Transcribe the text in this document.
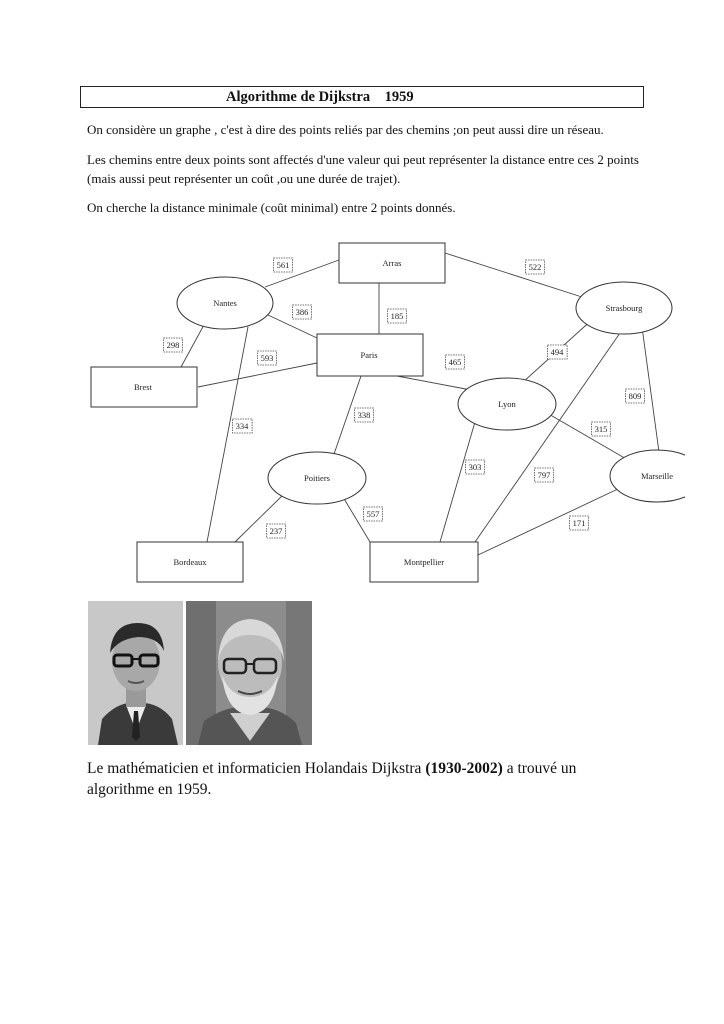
Algorithme de Dijkstra 1959

On considère un graphe , c'est à dire des points reliés par des chemins ;on peut aussi dire un réseau.

Les chemins entre deux points sont affectés d'une valeur qui peut représenter la distance entre ces 2 points (mais aussi peut représenter un coût ,ou une durée de trajet).

On cherche la distance minimale (coût minimal) entre 2 points donnés.

Arras
Nantes	Strasbourg
Paris
Brest
Lyon
Marseille
Poitiers
Bordeaux	Montpellier
561	522
386	185
298
593	465
494
809
338
334	315
303
797
557
237
171

Le mathématicien et informaticien Holandais Dijkstra (1930-2002) a trouvé un algorithme en 1959.
